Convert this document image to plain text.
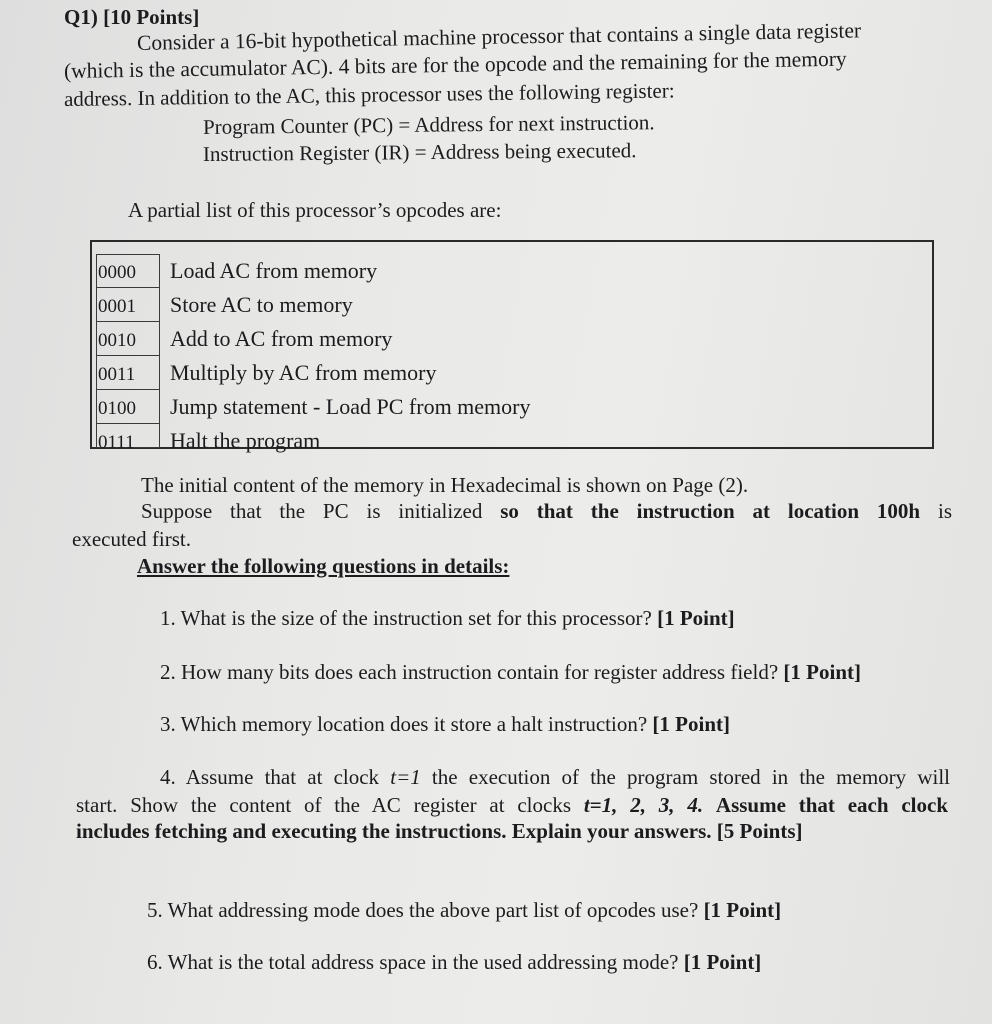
Q1) [10 Points]
Consider a 16-bit hypothetical machine processor that contains a single data register
(which is the accumulator AC). 4 bits are for the opcode and the remaining for the memory
address. In addition to the AC, this processor uses the following register:
Program Counter (PC) = Address for next instruction.
Instruction Register (IR) = Address being executed.
A partial list of this processor’s opcodes are:
0000 Load AC from memory
0001 Store AC to memory
0010 Add to AC from memory
0011 Multiply by AC from memory
0100 Jump statement - Load PC from memory
0111 Halt the program
The initial content of the memory in Hexadecimal is shown on Page (2).
Suppose that the PC is initialized so that the instruction at location 100h is
executed first.
Answer the following questions in details:
1. What is the size of the instruction set for this processor? [1 Point]
2. How many bits does each instruction contain for register address field? [1 Point]
3. Which memory location does it store a halt instruction? [1 Point]
4. Assume that at clock t=1 the execution of the program stored in the memory will
start. Show the content of the AC register at clocks t=1, 2, 3, 4. Assume that each clock
includes fetching and executing the instructions. Explain your answers. [5 Points]
5. What addressing mode does the above part list of opcodes use? [1 Point]
6. What is the total address space in the used addressing mode? [1 Point]
